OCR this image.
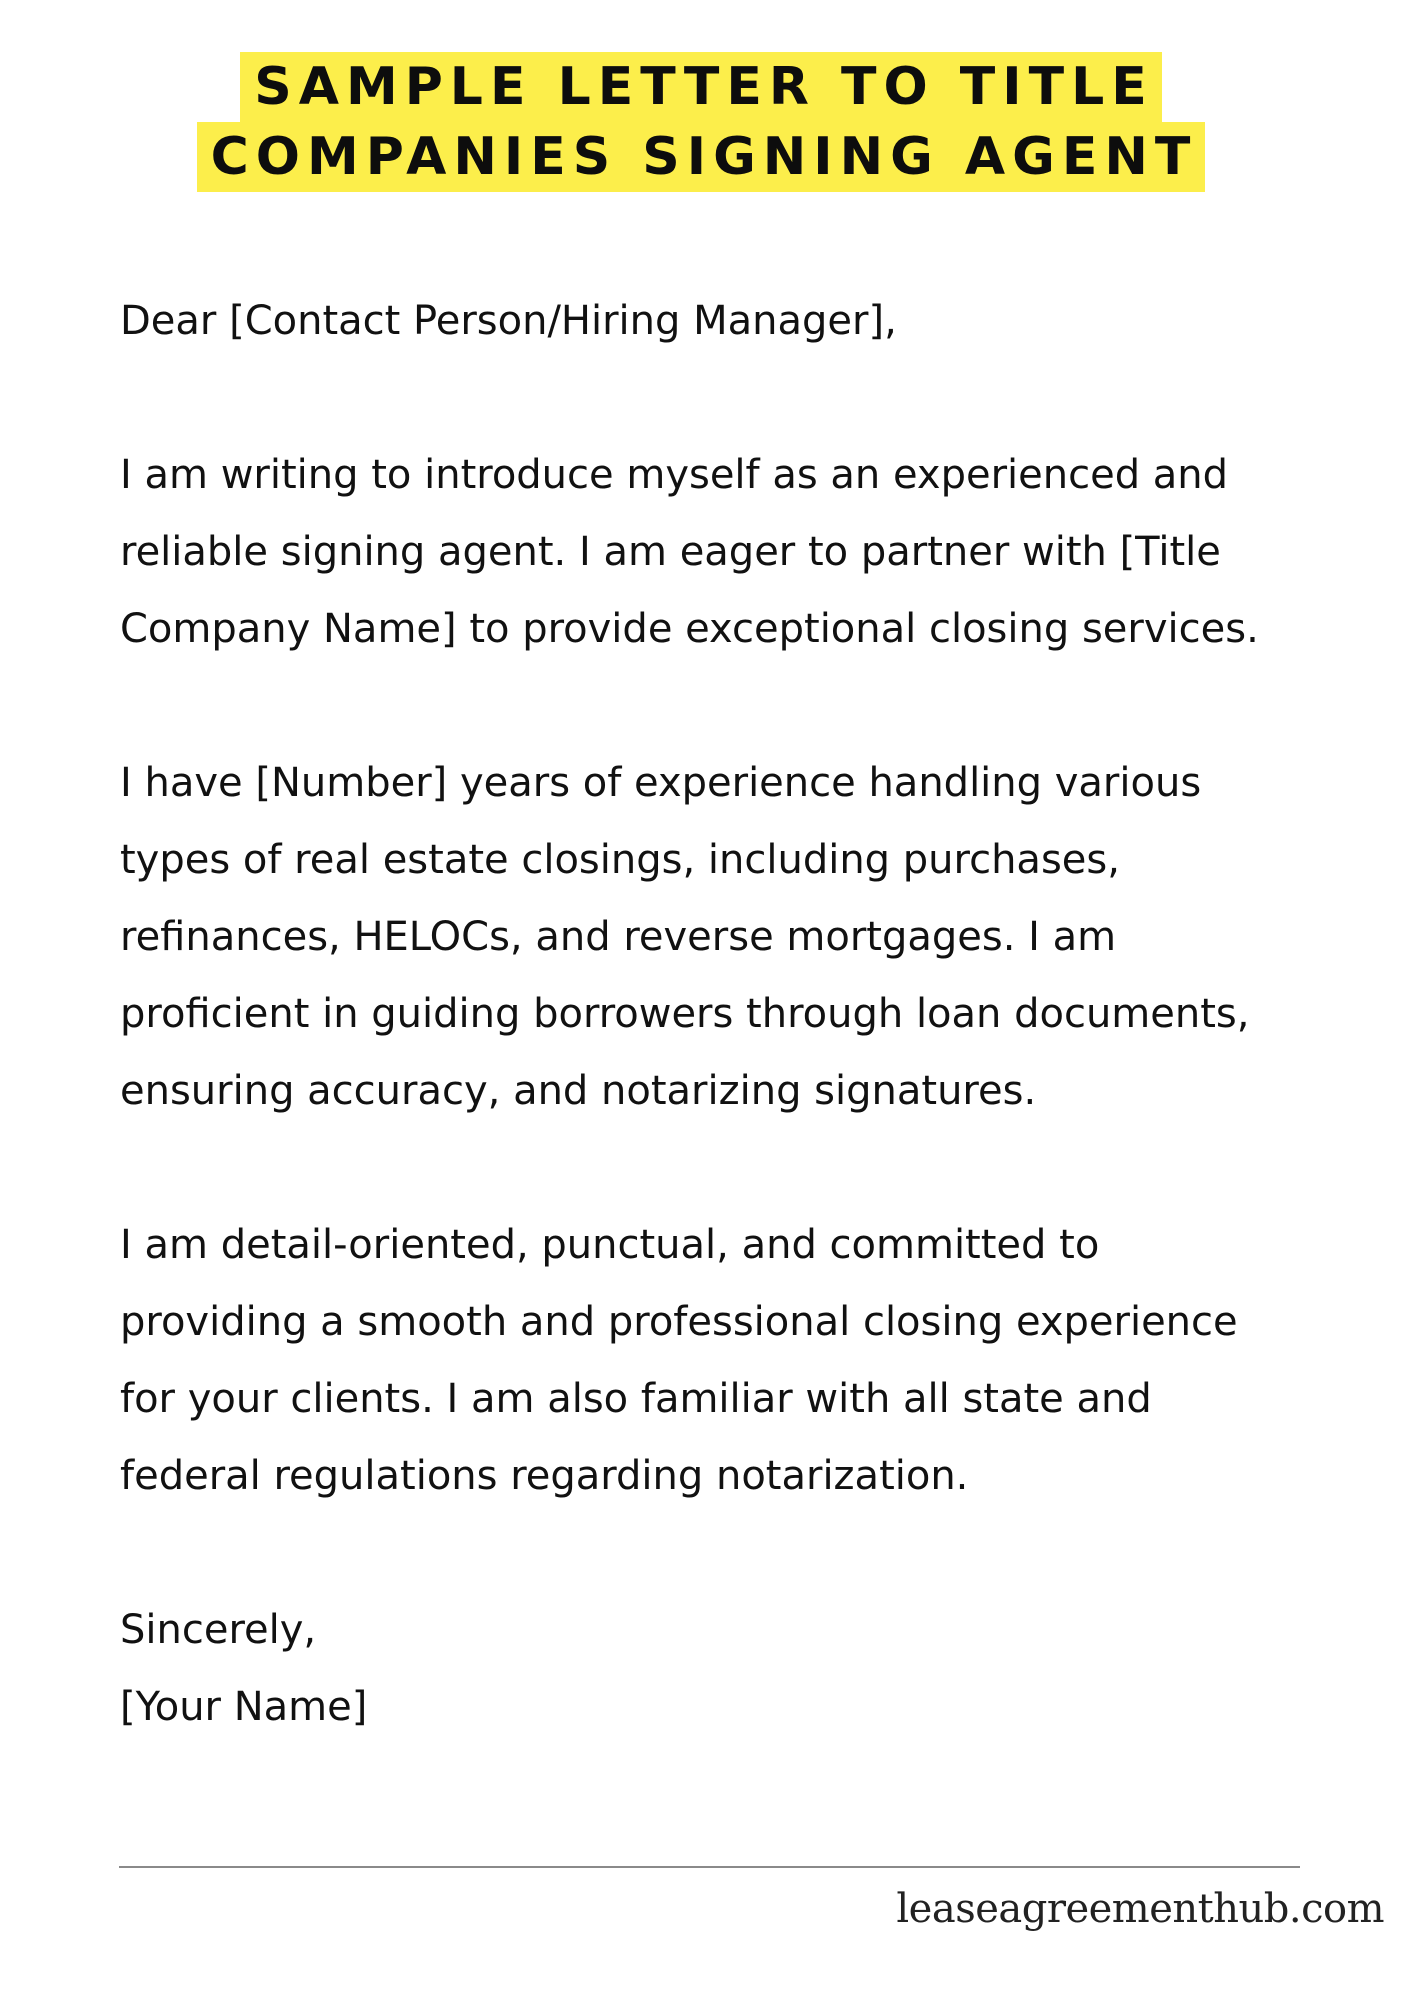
SAMPLE LETTER TO TITLE
COMPANIES SIGNING AGENT

Dear [Contact Person/Hiring Manager],

I am writing to introduce myself as an experienced and
reliable signing agent. I am eager to partner with [Title
Company Name] to provide exceptional closing services.

I have [Number] years of experience handling various
types of real estate closings, including purchases,
refinances, HELOCs, and reverse mortgages. I am
proficient in guiding borrowers through loan documents,
ensuring accuracy, and notarizing signatures.

I am detail-oriented, punctual, and committed to
providing a smooth and professional closing experience
for your clients. I am also familiar with all state and
federal regulations regarding notarization.

Sincerely,

[Your Name]

leaseagreementhub.com
